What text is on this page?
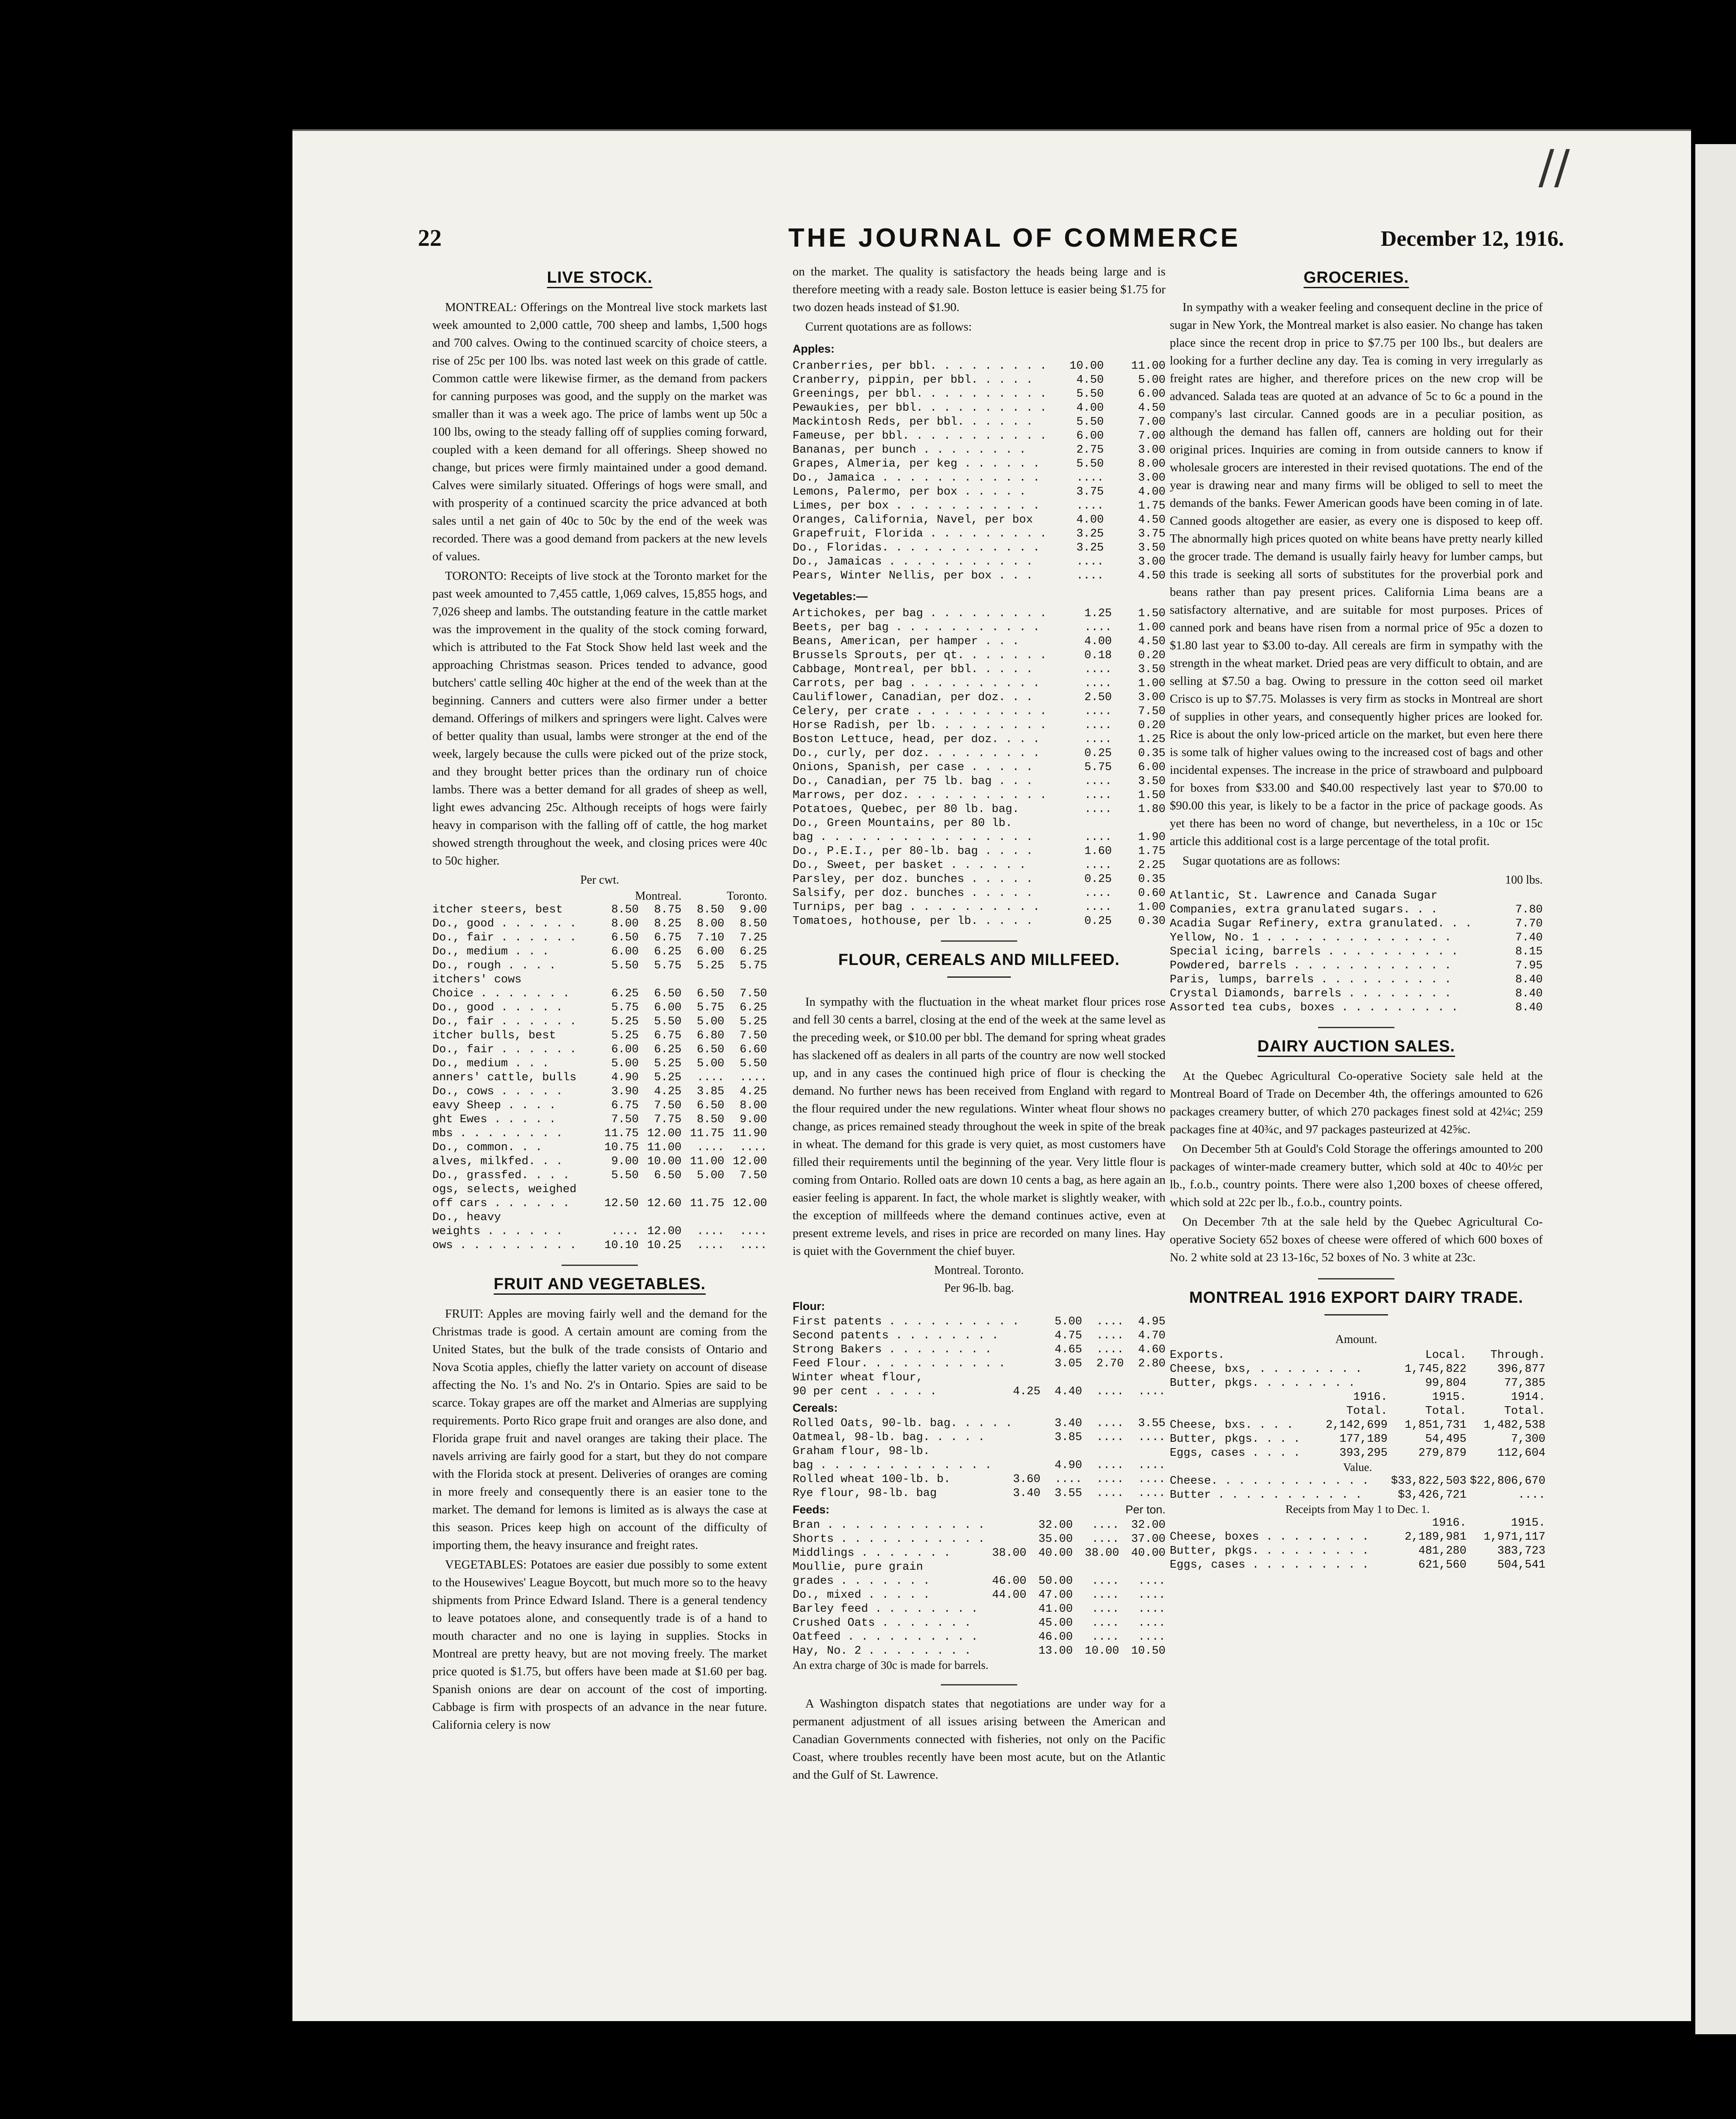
//
22	THE JOURNAL OF COMMERCE	December 12, 1916.
LIVE STOCK.

MONTREAL: Offerings on the Montreal live stock markets last week amounted to 2,000 cattle, 700 sheep and lambs, 1,500 hogs and 700 calves. Owing to the continued scarcity of choice steers, a rise of 25c per 100 lbs. was noted last week on this grade of cattle. Common cattle were likewise firmer, as the demand from packers for canning purposes was good, and the supply on the market was smaller than it was a week ago. The price of lambs went up 50c a 100 lbs, owing to the steady falling off of supplies coming forward, coupled with a keen demand for all offerings. Sheep showed no change, but prices were firmly maintained under a good demand. Calves were similarly situated. Offerings of hogs were small, and with prosperity of a continued scarcity the price advanced at both sales until a net gain of 40c to 50c by the end of the week was recorded. There was a good demand from packers at the new levels of values.

TORONTO: Receipts of live stock at the Toronto market for the past week amounted to 7,455 cattle, 1,069 calves, 15,855 hogs, and 7,026 sheep and lambs. The outstanding feature in the cattle market was the improvement in the quality of the stock coming forward, which is attributed to the Fat Stock Show held last week and the approaching Christmas season. Prices tended to advance, good butchers' cattle selling 40c higher at the end of the week than at the beginning. Canners and cutters were also firmer under a better demand. Offerings of milkers and springers were light. Calves were of better quality than usual, lambs were stronger at the end of the week, largely because the culls were picked out of the prize stock, and they brought better prices than the ordinary run of choice lambs. There was a better demand for all grades of sheep as well, light ewes advancing 25c. Although receipts of hogs were fairly heavy in comparison with the falling off of cattle, the hog market showed strength throughout the week, and closing prices were 40c to 50c higher.

Per cwt.
	Montreal.		Toronto.	
itcher steers, best	8.50	8.75	8.50	9.00
Do., good . . . . . .	8.00	8.25	8.00	8.50
Do., fair . . . . . .	6.50	6.75	7.10	7.25
Do., medium . . .	6.00	6.25	6.00	6.25
Do., rough . . . .	5.50	5.75	5.25	5.75
itchers' cows				
Choice . . . . . . .	6.25	6.50	6.50	7.50
Do., good . . . . .	5.75	6.00	5.75	6.25
Do., fair . . . . . .	5.25	5.50	5.00	5.25
itcher bulls, best	5.25	6.75	6.80	7.50
Do., fair . . . . . .	6.00	6.25	6.50	6.60
Do., medium . . .	5.00	5.25	5.00	5.50
anners' cattle, bulls	4.90	5.25	....	....
Do., cows . . . . .	3.90	4.25	3.85	4.25
eavy Sheep . . . .	6.75	7.50	6.50	8.00
ght Ewes . . . . .	7.50	7.75	8.50	9.00
mbs . . . . . . . .	11.75	12.00	11.75	11.90
Do., common. . .	10.75	11.00	....	....
alves, milkfed. . .	9.00	10.00	11.00	12.00
Do., grassfed. . . .	5.50	6.50	5.00	7.50
ogs, selects, weighed				
off cars . . . . . .	12.50	12.60	11.75	12.00
Do., heavy				
weights . . . . . .	....	12.00	....	....
ows . . . . . . . . .	10.10	10.25	....	....
FRUIT AND VEGETABLES.

FRUIT: Apples are moving fairly well and the demand for the Christmas trade is good. A certain amount are coming from the United States, but the bulk of the trade consists of Ontario and Nova Scotia apples, chiefly the latter variety on account of disease affecting the No. 1's and No. 2's in Ontario. Spies are said to be scarce. Tokay grapes are off the market and Almerias are supplying requirements. Porto Rico grape fruit and oranges are also done, and Florida grape fruit and navel oranges are taking their place. The navels arriving are fairly good for a start, but they do not compare with the Florida stock at present. Deliveries of oranges are coming in more freely and consequently there is an easier tone to the market. The demand for lemons is limited as is always the case at this season. Prices keep high on account of the difficulty of importing them, the heavy insurance and freight rates.

VEGETABLES: Potatoes are easier due possibly to some extent to the Housewives' League Boycott, but much more so to the heavy shipments from Prince Edward Island. There is a general tendency to leave potatoes alone, and consequently trade is of a hand to mouth character and no one is laying in supplies. Stocks in Montreal are pretty heavy, but are not moving freely. The market price quoted is $1.75, but offers have been made at $1.60 per bag. Spanish onions are dear on account of the cost of importing. Cabbage is firm with prospects of an advance in the near future. California celery is now

on the market. The quality is satisfactory the heads being large and is therefore meeting with a ready sale. Boston lettuce is easier being $1.75 for two dozen heads instead of $1.90.

Current quotations are as follows:

Apples:
Cranberries, per bbl. . . . . . . . .	10.00	11.00
Cranberry, pippin, per bbl. . . . .	4.50	5.00
Greenings, per bbl. . . . . . . . . .	5.50	6.00
Pewaukies, per bbl. . . . . . . . . .	4.00	4.50
Mackintosh Reds, per bbl. . . . . .	5.50	7.00
Fameuse, per bbl. . . . . . . . . . .	6.00	7.00
Bananas, per bunch . . . . . . . .	2.75	3.00
Grapes, Almeria, per keg . . . . . .	5.50	8.00
Do., Jamaica . . . . . . . . . . . .	....	3.00
Lemons, Palermo, per box . . . . .	3.75	4.00
Limes, per box . . . . . . . . . . .	....	1.75
Oranges, California, Navel, per box	4.00	4.50
Grapefruit, Florida . . . . . . . . .	3.25	3.75
Do., Floridas. . . . . . . . . . . .	3.25	3.50
Do., Jamaicas . . . . . . . . . . .	....	3.00
Pears, Winter Nellis, per box . . .	....	4.50
Vegetables:—
Artichokes, per bag . . . . . . . . .	1.25	1.50
Beets, per bag . . . . . . . . . . .	....	1.00
Beans, American, per hamper . . .	4.00	4.50
Brussels Sprouts, per qt. . . . . . .	0.18	0.20
Cabbage, Montreal, per bbl. . . . .	....	3.50
Carrots, per bag . . . . . . . . . .	....	1.00
Cauliflower, Canadian, per doz. . .	2.50	3.00
Celery, per crate . . . . . . . . . .	....	7.50
Horse Radish, per lb. . . . . . . . .	....	0.20
Boston Lettuce, head, per doz. . . .	....	1.25
Do., curly, per doz. . . . . . . . .	0.25	0.35
Onions, Spanish, per case . . . . .	5.75	6.00
Do., Canadian, per 75 lb. bag . . .	....	3.50
Marrows, per doz. . . . . . . . . . .	....	1.50
Potatoes, Quebec, per 80 lb. bag.	....	1.80
Do., Green Mountains, per 80 lb.		
bag . . . . . . . . . . . . . . . .	....	1.90
Do., P.E.I., per 80-lb. bag . . . .	1.60	1.75
Do., Sweet, per basket . . . . . .	....	2.25
Parsley, per doz. bunches . . . . .	0.25	0.35
Salsify, per doz. bunches . . . . .	....	0.60
Turnips, per bag . . . . . . . . . .	....	1.00
Tomatoes, hothouse, per lb. . . . .	0.25	0.30
FLOUR, CEREALS AND MILLFEED.

In sympathy with the fluctuation in the wheat market flour prices rose and fell 30 cents a barrel, closing at the end of the week at the same level as the preceding week, or $10.00 per bbl. The demand for spring wheat grades has slackened off as dealers in all parts of the country are now well stocked up, and in any cases the continued high price of flour is checking the demand. No further news has been received from England with regard to the flour required under the new regulations. Winter wheat flour shows no change, as prices remained steady throughout the week in spite of the break in wheat. The demand for this grade is very quiet, as most customers have filled their requirements until the beginning of the year. Very little flour is coming from Ontario. Rolled oats are down 10 cents a bag, as here again an easier feeling is apparent. In fact, the whole market is slightly weaker, with the exception of millfeeds where the demand continues active, even at present extreme levels, and rises in price are recorded on many lines. Hay is quiet with the Government the chief buyer.

Montreal. Toronto.
Per 96-lb. bag.
Flour:
First patents . . . . . . . . . .		5.00	....	4.95
Second patents . . . . . . . .		4.75	....	4.70
Strong Bakers . . . . . . . .		4.65	....	4.60
Feed Flour. . . . . . . . . . .		3.05	2.70	2.80
Winter wheat flour,				
90 per cent . . . . .	4.25	4.40	....	....
Cereals:
Rolled Oats, 90-lb. bag. . . . .		3.40	....	3.55
Oatmeal, 98-lb. bag. . . . .		3.85	....	....
Graham flour, 98-lb.				
bag . . . . . . . . . . . . .		4.90	....	....
Rolled wheat 100-lb. b.	3.60	....	....	....
Rye flour, 98-lb. bag	3.40	3.55	....	....
Feeds:	Per ton.
Bran . . . . . . . . . . . .		32.00	....	32.00
Shorts . . . . . . . . . . .		35.00	....	37.00
Middlings . . . . . . .	38.00	40.00	38.00	40.00
Moullie, pure grain				
grades . . . . . . .	46.00	50.00	....	....
Do., mixed . . . . .	44.00	47.00	....	....
Barley feed . . . . . . . .		41.00	....	....
Crushed Oats . . . . . . .		45.00	....	....
Oatfeed . . . . . . . . . .		46.00	....	....
Hay, No. 2 . . . . . . . .		13.00	10.00	10.50
An extra charge of 30c is made for barrels.

A Washington dispatch states that negotiations are under way for a permanent adjustment of all issues arising between the American and Canadian Governments connected with fisheries, not only on the Pacific Coast, where troubles recently have been most acute, but on the Atlantic and the Gulf of St. Lawrence.

GROCERIES.

In sympathy with a weaker feeling and consequent decline in the price of sugar in New York, the Montreal market is also easier. No change has taken place since the recent drop in price to $7.75 per 100 lbs., but dealers are looking for a further decline any day. Tea is coming in very irregularly as freight rates are higher, and therefore prices on the new crop will be advanced. Salada teas are quoted at an advance of 5c to 6c a pound in the company's last circular. Canned goods are in a peculiar position, as although the demand has fallen off, canners are holding out for their original prices. Inquiries are coming in from outside canners to know if wholesale grocers are interested in their revised quotations. The end of the year is drawing near and many firms will be obliged to sell to meet the demands of the banks. Fewer American goods have been coming in of late. Canned goods altogether are easier, as every one is disposed to keep off. The abnormally high prices quoted on white beans have pretty nearly killed the grocer trade. The demand is usually fairly heavy for lumber camps, but this trade is seeking all sorts of substitutes for the proverbial pork and beans rather than pay present prices. California Lima beans are a satisfactory alternative, and are suitable for most purposes. Prices of canned pork and beans have risen from a normal price of 95c a dozen to $1.80 last year to $3.00 to-day. All cereals are firm in sympathy with the strength in the wheat market. Dried peas are very difficult to obtain, and are selling at $7.50 a bag. Owing to pressure in the cotton seed oil market Crisco is up to $7.75. Molasses is very firm as stocks in Montreal are short of supplies in other years, and consequently higher prices are looked for. Rice is about the only low-priced article on the market, but even here there is some talk of higher values owing to the increased cost of bags and other incidental expenses. The increase in the price of strawboard and pulpboard for boxes from $33.00 and $40.00 respectively last year to $70.00 to $90.00 this year, is likely to be a factor in the price of package goods. As yet there has been no word of change, but nevertheless, in a 10c or 15c article this additional cost is a large percentage of the total profit.

Sugar quotations are as follows:

100 lbs.
Atlantic, St. Lawrence and Canada Sugar	
Companies, extra granulated sugars. . .	7.80
Acadia Sugar Refinery, extra granulated. . .	7.70
Yellow, No. 1 . . . . . . . . . . . . . .	7.40
Special icing, barrels . . . . . . . . . .	8.15
Powdered, barrels . . . . . . . . . . . .	7.95
Paris, lumps, barrels . . . . . . . . . .	8.40
Crystal Diamonds, barrels . . . . . . . .	8.40
Assorted tea cubs, boxes . . . . . . . . .	8.40
DAIRY AUCTION SALES.

At the Quebec Agricultural Co-operative Society sale held at the Montreal Board of Trade on December 4th, the offerings amounted to 626 packages creamery butter, of which 270 packages finest sold at 42¼c; 259 packages fine at 40¾c, and 97 packages pasteurized at 42⅝c.

On December 5th at Gould's Cold Storage the offerings amounted to 200 packages of winter-made creamery butter, which sold at 40c to 40½c per lb., f.o.b., country points. There were also 1,200 boxes of cheese offered, which sold at 22c per lb., f.o.b., country points.

On December 7th at the sale held by the Quebec Agricultural Co-operative Society 652 boxes of cheese were offered of which 600 boxes of No. 2 white sold at 23 13-16c, 52 boxes of No. 3 white at 23c.

MONTREAL 1916 EXPORT DAIRY TRADE.
Amount.
Exports.		Local.	Through.
Cheese, bxs, . . . . . . . .		1,745,822	396,877
Butter, pkgs. . . . . . . .		99,804	77,385
	1916.	1915.	1914.
	Total.	Total.	Total.
Cheese, bxs. . . .	2,142,699	1,851,731	1,482,538
Butter, pkgs. . . .	177,189	54,495	7,300
Eggs, cases . . . .	393,295	279,879	112,604
Value.			
Cheese. . . . . . . . . . . .		$33,822,503	$22,806,670
Butter . . . . . . . . . . .		$3,426,721	....
Receipts from May 1 to Dec. 1.			
		1916.	1915.
Cheese, boxes . . . . . . . .		2,189,981	1,971,117
Butter, pkgs. . . . . . . . .		481,280	383,723
Eggs, cases . . . . . . . . .		621,560	504,541
